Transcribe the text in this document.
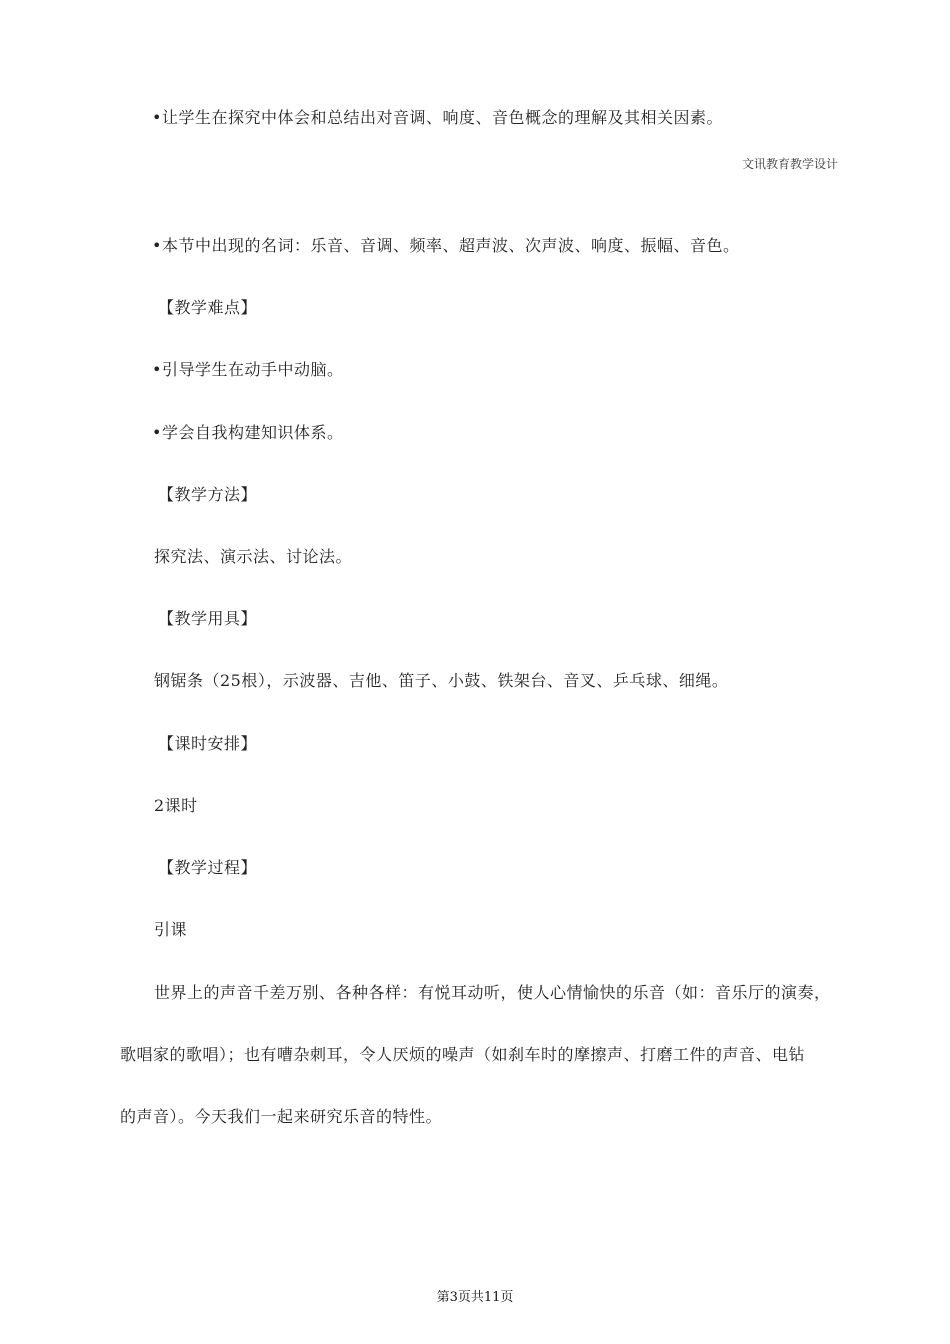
•让学生在探究中体会和总结出对音调、响度、音色概念的理解及其相关因素。
文讯教育教学设计
•本节中出现的名词：乐音、音调、频率、超声波、次声波、响度、振幅、音色。
【教学难点】
•引导学生在动手中动脑。
•学会自我构建知识体系。
【教学方法】
探究法、演示法、讨论法。
【教学用具】
钢锯条（25根），示波器、吉他、笛子、小鼓、铁架台、音叉、乒乓球、细绳。
【课时安排】
2课时
【教学过程】
引课
世界上的声音千差万别、各种各样：有悦耳动听，使人心情愉快的乐音（如：音乐厅的演奏，
歌唱家的歌唱）；也有嘈杂刺耳，令人厌烦的噪声（如刹车时的摩擦声、打磨工件的声音、电钻
的声音）。今天我们一起来研究乐音的特性。
第3页共11页
